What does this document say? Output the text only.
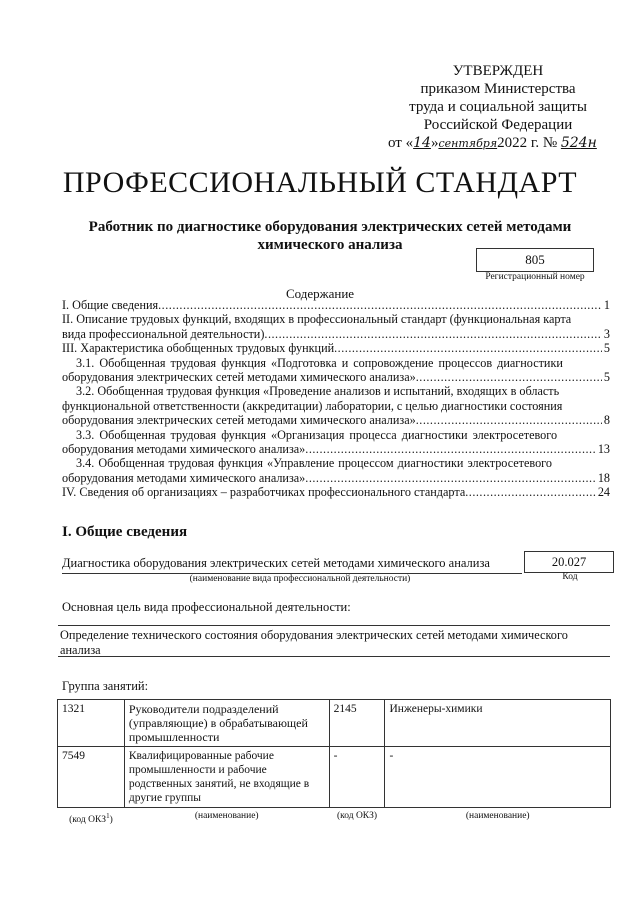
УТВЕРЖДЕН
приказом Министерства
труда и социальной защиты
Российской Федерации
от «14»сентября2022 г. № 524н
ПРОФЕССИОНАЛЬНЫЙ СТАНДАРТ
Работник по диагностике оборудования электрических сетей методами химического анализа
805
Регистрационный номер
Содержание
I. Общие сведения .....	1
II. Описание трудовых функций, входящих в профессиональный стандарт (функциональная карта
вида профессиональной деятельности) .....	3
III. Характеристика обобщенных трудовых функций .....	5
3.1. Обобщенная трудовая функция «Подготовка и сопровождение процессов диагностики
оборудования электрических сетей методами химического анализа» .....	5
3.2. Обобщенная трудовая функция «Проведение анализов и испытаний, входящих в область
функциональной ответственности (аккредитации) лаборатории, с целью диагностики состояния
оборудования электрических сетей методами химического анализа» .....	8
3.3. Обобщенная трудовая функция «Организация процесса диагностики электросетевого
оборудования методами химического анализа» .....	13
3.4. Обобщенная трудовая функция «Управление процессом диагностики электросетевого
оборудования методами химического анализа» .....	18
IV. Сведения об организациях – разработчиках профессионального стандарта .....	24
I. Общие сведения
Диагностика оборудования электрических сетей методами химического анализа	20.027
(наименование вида профессиональной деятельности)	Код
Основная цель вида профессиональной деятельности:
Определение технического состояния оборудования электрических сетей методами химического анализа
Группа занятий:
1321	Руководители подразделений (управляющие) в обрабатывающей промышленности	2145	Инженеры-химики
7549	Квалифицированные рабочие промышленности и рабочие родственных занятий, не входящие в другие группы	-	-
(код ОКЗ$^1$)	(наименование)	(код ОКЗ)	(наименование)
